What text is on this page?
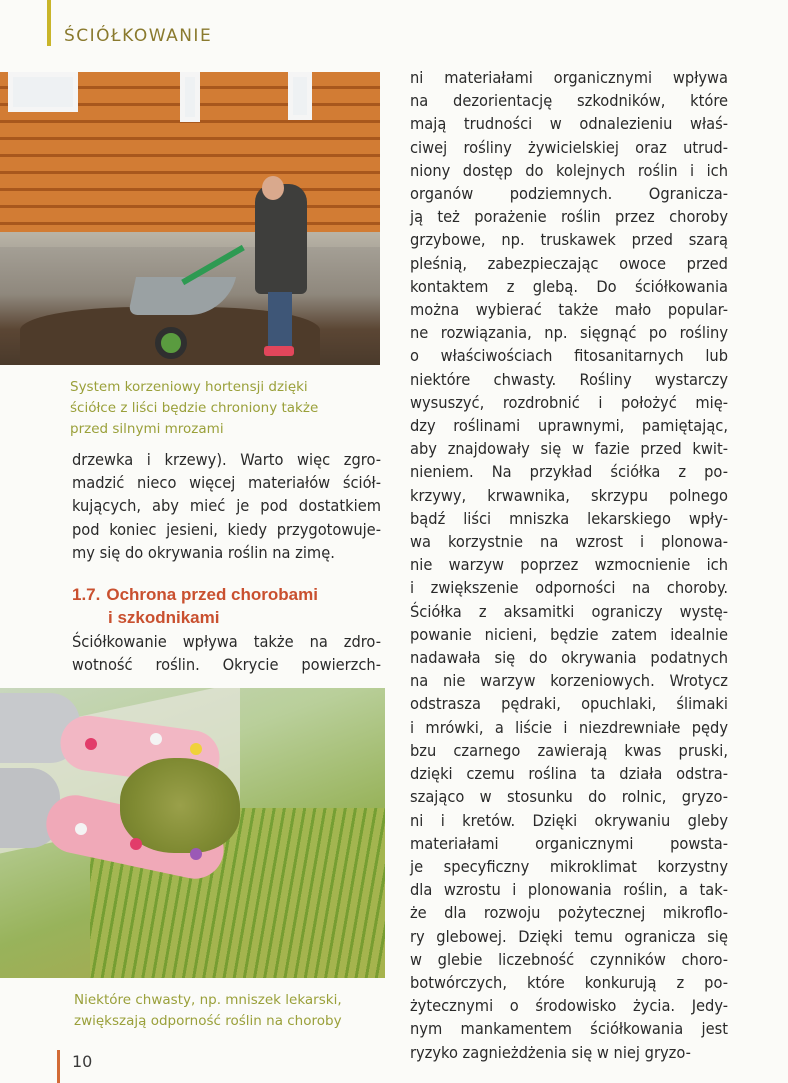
ŚCIÓŁKOWANIE
System korzeniowy hortensji dzięki
ściółce z liści będzie chroniony także
przed silnymi mrozami
drzewka i krzewy). Warto więc zgro-
madzić nieco więcej materiałów ściół-
kujących, aby mieć je pod dostatkiem
pod koniec jesieni, kiedy przygotowuje-
my się do okrywania roślin na zimę.
1.7. Ochrona przed chorobami
i szkodnikami
Ściółkowanie wpływa także na zdro-
wotność roślin. Okrycie powierzch-
Niektóre chwasty, np. mniszek lekarski,
zwiększają odporność roślin na choroby
ni materiałami organicznymi wpływa
na dezorientację szkodników, które
mają trudności w odnalezieniu właś-
ciwej rośliny żywicielskiej oraz utrud-
niony dostęp do kolejnych roślin i ich
organów podziemnych. Ogranicza-
ją też porażenie roślin przez choroby
grzybowe, np. truskawek przed szarą
pleśnią, zabezpieczając owoce przed
kontaktem z glebą. Do ściółkowania
można wybierać także mało popular-
ne rozwiązania, np. sięgnąć po rośliny
o właściwościach fitosanitarnych lub
niektóre chwasty. Rośliny wystarczy
wysuszyć, rozdrobnić i położyć mię-
dzy roślinami uprawnymi, pamiętając,
aby znajdowały się w fazie przed kwit-
nieniem. Na przykład ściółka z po-
krzywy, krwawnika, skrzypu polnego
bądź liści mniszka lekarskiego wpły-
wa korzystnie na wzrost i plonowa-
nie warzyw poprzez wzmocnienie ich
i zwiększenie odporności na choroby.
Ściółka z aksamitki ograniczy wystę-
powanie nicieni, będzie zatem idealnie
nadawała się do okrywania podatnych
na nie warzyw korzeniowych. Wrotycz
odstrasza pędraki, opuchlaki, ślimaki
i mrówki, a liście i niezdrewniałe pędy
bzu czarnego zawierają kwas pruski,
dzięki czemu roślina ta działa odstra-
szająco w stosunku do rolnic, gryzo-
ni i kretów. Dzięki okrywaniu gleby
materiałami organicznymi powsta-
je specyficzny mikroklimat korzystny
dla wzrostu i plonowania roślin, a tak-
że dla rozwoju pożytecznej mikroflo-
ry glebowej. Dzięki temu ogranicza się
w glebie liczebność czynników choro-
botwórczych, które konkurują z po-
żytecznymi o środowisko życia. Jedy-
nym mankamentem ściółkowania jest
ryzyko zagnieżdżenia się w niej gryzo-
10
